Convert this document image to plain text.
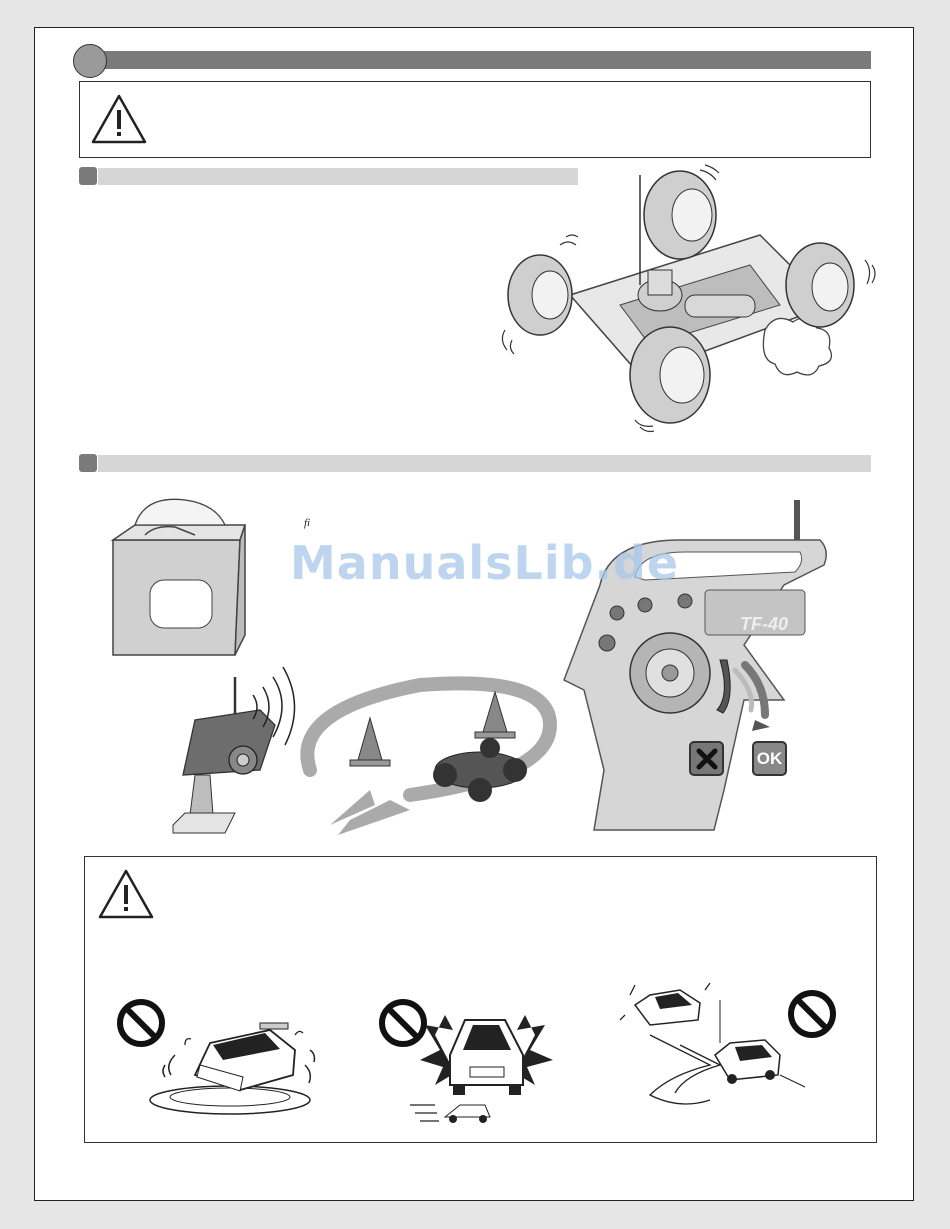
TF-40
OK
ManualsLib.de
fi
